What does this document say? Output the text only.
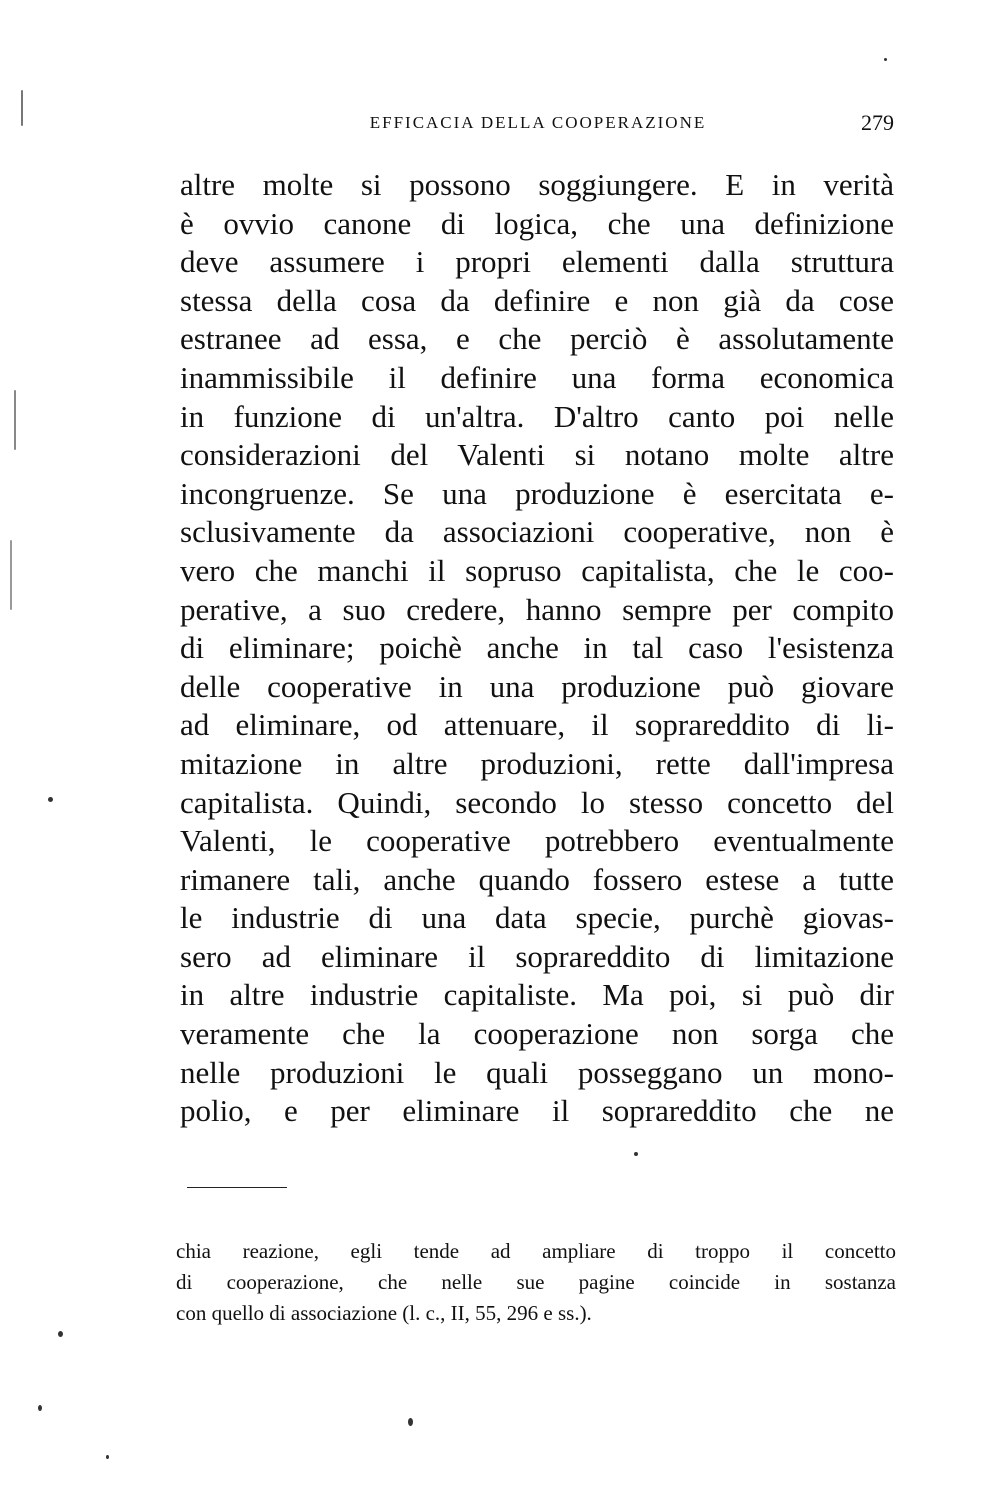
EFFICACIA DELLA COOPERAZIONE	279
altre molte si possono soggiungere. E in verità
è ovvio canone di logica, che una definizione
deve assumere i propri elementi dalla struttura
stessa della cosa da definire e non già da cose
estranee ad essa, e che perciò è assolutamente
inammissibile il definire una forma economica
in funzione di un'altra. D'altro canto poi nelle
considerazioni del Valenti si notano molte altre
incongruenze. Se una produzione è esercitata e-
sclusivamente da associazioni cooperative, non è
vero che manchi il sopruso capitalista, che le coo-
perative, a suo credere, hanno sempre per compito
di eliminare; poichè anche in tal caso l'esistenza
delle cooperative in una produzione può giovare
ad eliminare, od attenuare, il soprareddito di li-
mitazione in altre produzioni, rette dall'impresa
capitalista. Quindi, secondo lo stesso concetto del
Valenti, le cooperative potrebbero eventualmente
rimanere tali, anche quando fossero estese a tutte
le industrie di una data specie, purchè giovas-
sero ad eliminare il soprareddito di limitazione
in altre industrie capitaliste. Ma poi, si può dir
veramente che la cooperazione non sorga che
nelle produzioni le quali posseggano un mono-
polio, e per eliminare il soprareddito che ne
chia reazione, egli tende ad ampliare di troppo il concetto
di cooperazione, che nelle sue pagine coincide in sostanza
con quello di associazione (l. c., II, 55, 296 e ss.).
